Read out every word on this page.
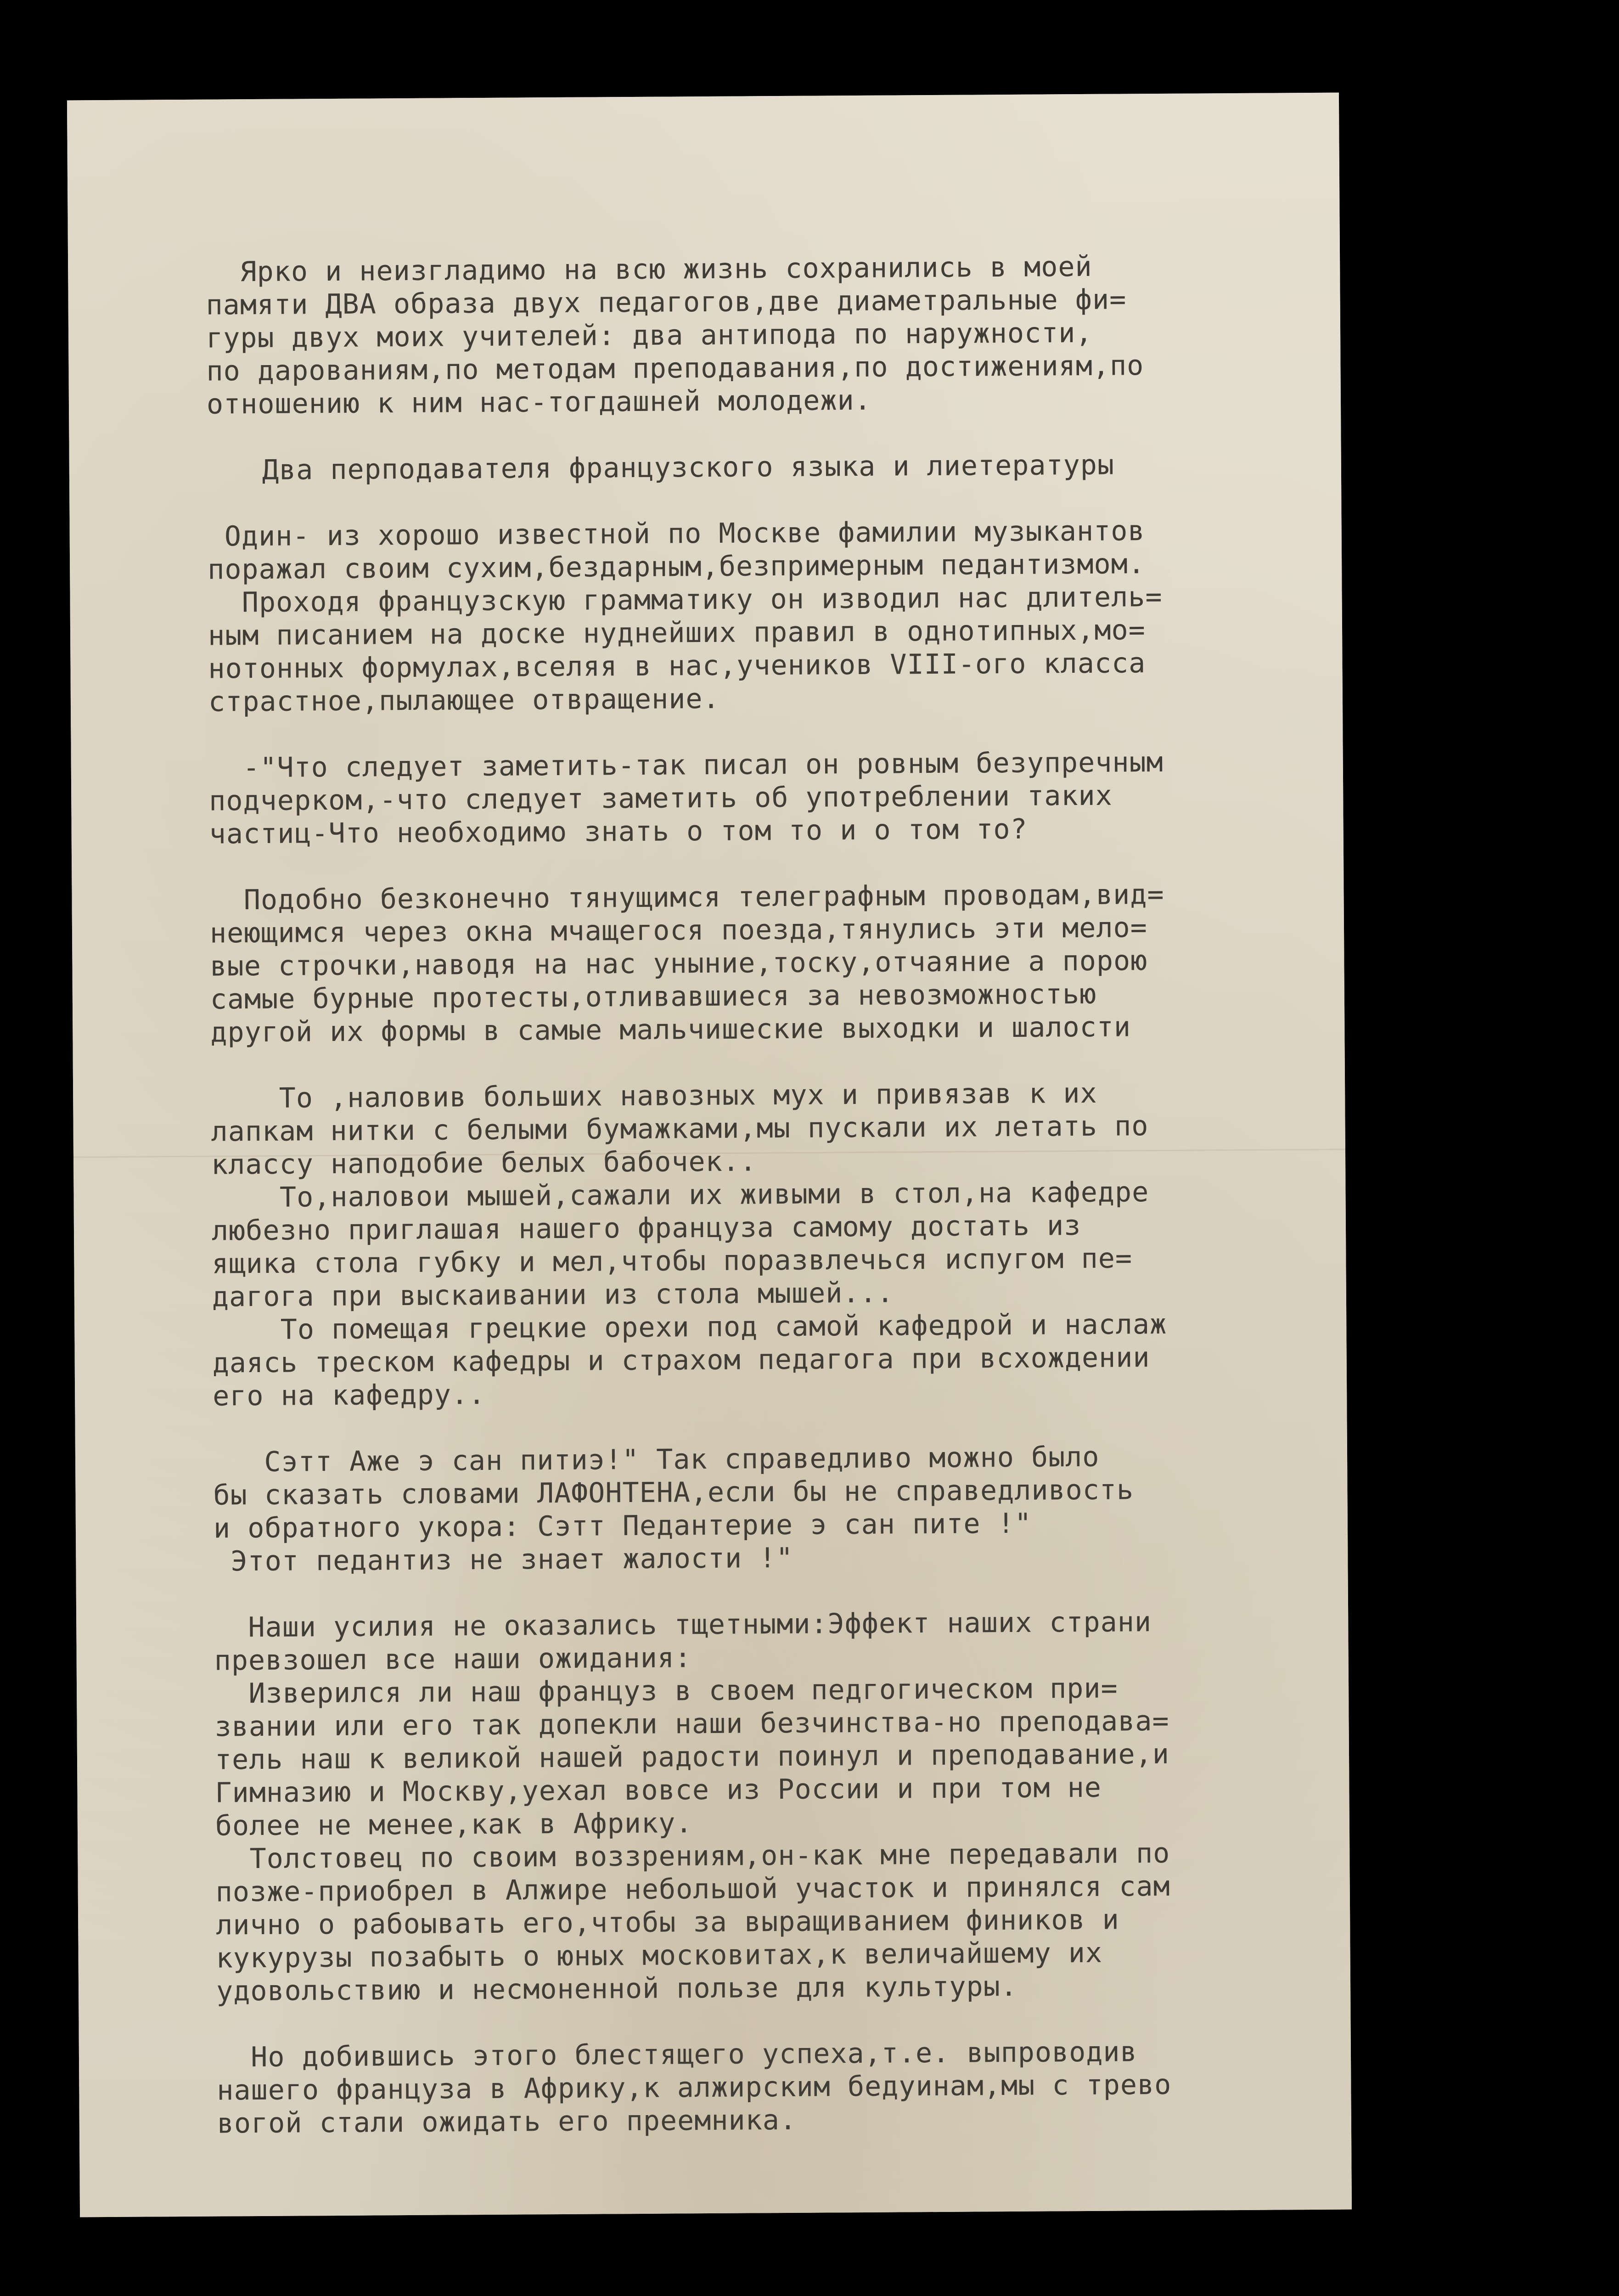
Ярко и неизгладимо на всю жизнь сохранились в моей
памяти ДВА образа двух педагогов,две диаметральные фи=
гуры двух моих учителей: два антипода по наружности,
по дарованиям,по методам преподавания,по достижениям,по
отношению к ним нас-тогдашней молодежи.
Два перподавателя французского языка и лиетературы
Один- из хорошо известной по Москве фамилии музыкантов
поражал своим сухим,бездарным,безпримерным педантизмом.
Проходя французскую грамматику он изводил нас длитель=
ным писанием на доске нуднейших правил в однотипных,мо=
нотонных формулах,вселяя в нас,учеников VIII-ого класса
страстное,пылающее отвращение.
-"Что следует заметить-так писал он ровным безупречным
подчерком,-что следует заметить об употреблении таких
частиц-Что необходимо знать о том то и о том то?
Подобно безконечно тянущимся телеграфным проводам,вид=
неющимся через окна мчащегося поезда,тянулись эти мело=
вые строчки,наводя на нас уныние,тоску,отчаяние а порою
самые бурные протесты,отливавшиеся за невозможностью
другой их формы в самые мальчишеские выходки и шалости
То ,наловив больших навозных мух и привязав к их
лапкам нитки с белыми бумажками,мы пускали их летать по
классу наподобие белых бабочек..
То,наловои мышей,сажали их живыми в стол,на кафедре
любезно приглашая нашего француза самому достать из
ящика стола губку и мел,чтобы поразвлечься испугом пе=
дагога при выскаивании из стола мышей...
То помещая грецкие орехи под самой кафедрой и наслаж
даясь треском кафедры и страхом педагога при всхождении
его на кафедру..
Сэтт Аже э сан питиэ!" Так справедливо можно было
бы сказать словами ЛАФОНТЕНА,если бы не справедливость
и обратного укора: Сэтт Педантерие э сан пите !"
Этот педантиз не знает жалости !"
Наши усилия не оказались тщетными:Эффект наших страни
превзошел все наши ожидания:
Изверился ли наш француз в своем педгогическом при=
звании или его так допекли наши безчинства-но преподава=
тель наш к великой нашей радости поинул и преподавание,и
Гимназию и Москву,уехал вовсе из России и при том не
более не менее,как в Африку.
Толстовец по своим воззрениям,он-как мне передавали по
позже-приобрел в Алжире небольшой участок и принялся сам
лично о рабоывать его,чтобы за выращиванием фиников и
кукурузы позабыть о юных московитах,к величайшему их
удовольствию и несмоненной пользе для культуры.
Но добившись этого блестящего успеха,т.е. выпроводив
нашего француза в Африку,к алжирским бедуинам,мы с трево
вогой стали ожидать его преемника.
